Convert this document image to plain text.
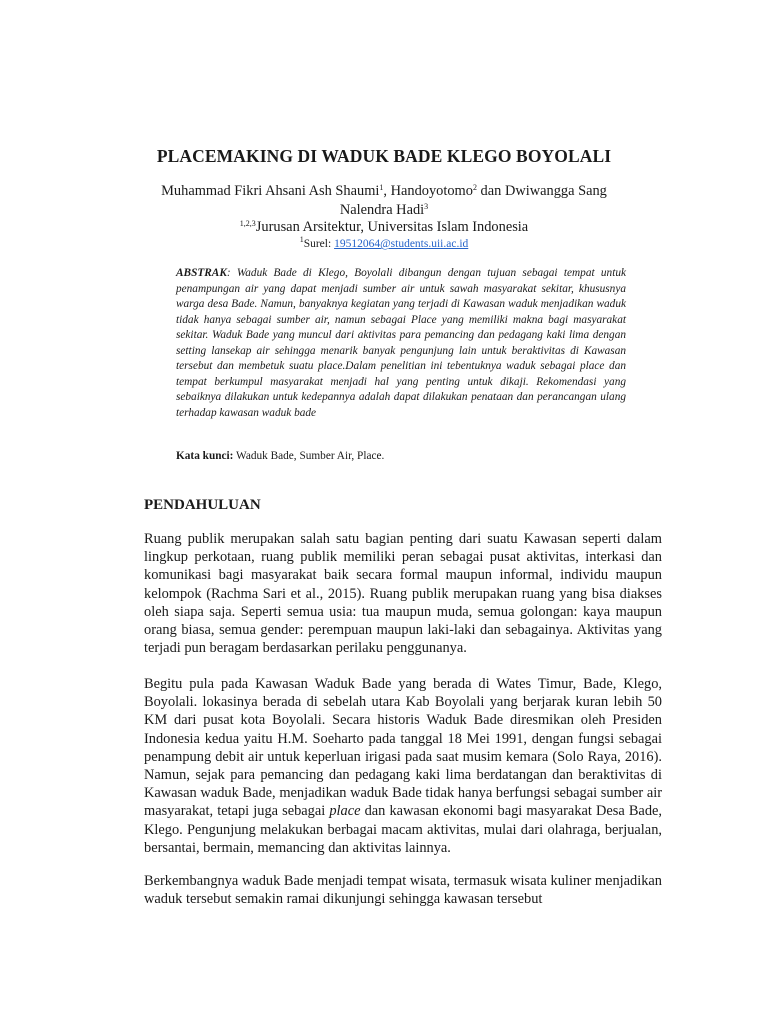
PLACEMAKING DI WADUK BADE KLEGO BOYOLALI
Muhammad Fikri Ahsani Ash Shaumi$^1$, Handoyotomo$^2$ dan Dwiwangga Sang Nalendra Hadi$^3$
$^{1,2,3}$Jurusan Arsitektur, Universitas Islam Indonesia
$^1$Surel: 19512064@students.uii.ac.id
ABSTRAK: Waduk Bade di Klego, Boyolali dibangun dengan tujuan sebagai tempat untuk penampungan air yang dapat menjadi sumber air untuk sawah masyarakat sekitar, khususnya warga desa Bade. Namun, banyaknya kegiatan yang terjadi di Kawasan waduk menjadikan waduk tidak hanya sebagai sumber air, namun sebagai Place yang memiliki makna bagi masyarakat sekitar. Waduk Bade yang muncul dari aktivitas para pemancing dan pedagang kaki lima dengan setting lansekap air sehingga menarik banyak pengunjung lain untuk beraktivitas di Kawasan tersebut dan membetuk suatu place.Dalam penelitian ini tebentuknya waduk sebagai place dan tempat berkumpul masyarakat menjadi hal yang penting untuk dikaji. Rekomendasi yang sebaiknya dilakukan untuk kedepannya adalah dapat dilakukan penataan dan perancangan ulang terhadap kawasan waduk bade
Kata kunci: Waduk Bade, Sumber Air, Place.
PENDAHULUAN

Ruang publik merupakan salah satu bagian penting dari suatu Kawasan seperti dalam lingkup perkotaan, ruang publik memiliki peran sebagai pusat aktivitas, interkasi dan komunikasi bagi masyarakat baik secara formal maupun informal, individu maupun kelompok (Rachma Sari et al., 2015). Ruang publik merupakan ruang yang bisa diakses oleh siapa saja. Seperti semua usia: tua maupun muda, semua golongan: kaya maupun orang biasa, semua gender: perempuan maupun laki-laki dan sebagainya. Aktivitas yang terjadi pun beragam berdasarkan perilaku penggunanya.

Begitu pula pada Kawasan Waduk Bade yang berada di Wates Timur, Bade, Klego, Boyolali. lokasinya berada di sebelah utara Kab Boyolali yang berjarak kuran lebih 50 KM dari pusat kota Boyolali. Secara historis Waduk Bade diresmikan oleh Presiden Indonesia kedua yaitu H.M. Soeharto pada tanggal 18 Mei 1991, dengan fungsi sebagai penampung debit air untuk keperluan irigasi pada saat musim kemara (Solo Raya, 2016). Namun, sejak para pemancing dan pedagang kaki lima berdatangan dan beraktivitas di Kawasan waduk Bade, menjadikan waduk Bade tidak hanya berfungsi sebagai sumber air masyarakat, tetapi juga sebagai place dan kawasan ekonomi bagi masyarakat Desa Bade, Klego. Pengunjung melakukan berbagai macam aktivitas, mulai dari olahraga, berjualan, bersantai, bermain, memancing dan aktivitas lainnya.

Berkembangnya waduk Bade menjadi tempat wisata, termasuk wisata kuliner menjadikan waduk tersebut semakin ramai dikunjungi sehingga kawasan tersebut
